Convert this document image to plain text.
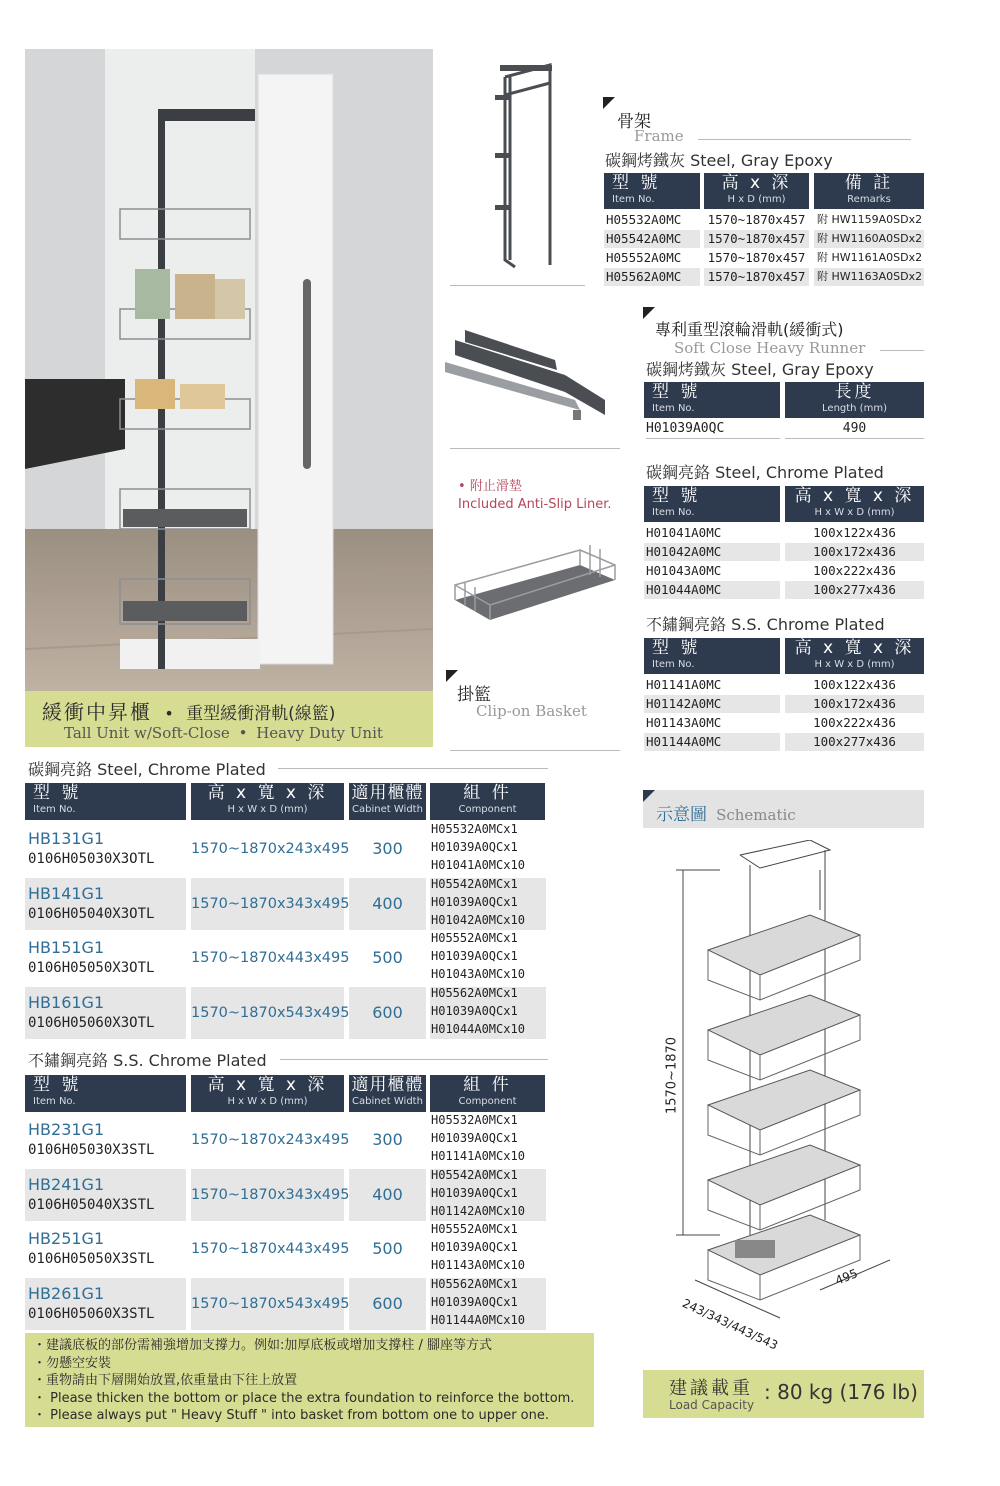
緩衝中昇櫃 • 重型緩衝滑軌(線籃)
Tall Unit w/Soft-Close • Heavy Duty Unit
骨架
Frame
碳鋼烤鐵灰 Steel, Gray Epoxy
型 號
Item No.
高 x 深
H x D (mm)
備 註
Remarks
H05532A0MC	1570~1870x457	附 HW1159A0SDx2
H05542A0MC	1570~1870x457	附 HW1160A0SDx2
H05552A0MC	1570~1870x457	附 HW1161A0SDx2
H05562A0MC	1570~1870x457	附 HW1163A0SDx2
專利重型滾輪滑軌(緩衝式)
Soft Close Heavy Runner
碳鋼烤鐵灰 Steel, Gray Epoxy
型 號
Item No.
長度
Length (mm)
H01039A0QC	490
• 附止滑墊
Included Anti-Slip Liner.
掛籃
Clip-on Basket
碳鋼亮鉻 Steel, Chrome Plated
型 號
Item No.
高 x 寬 x 深
H x W x D (mm)
H01041A0MC	100x122x436
H01042A0MC	100x172x436
H01043A0MC	100x222x436
H01044A0MC	100x277x436
不鏽鋼亮鉻 S.S. Chrome Plated
型 號
Item No.
高 x 寬 x 深
H x W x D (mm)
H01141A0MC	100x122x436
H01142A0MC	100x172x436
H01143A0MC	100x222x436
H01144A0MC	100x277x436
碳鋼亮鉻 Steel, Chrome Plated
型 號
Item No.
高 x 寬 x 深
H x W x D (mm)
適用櫃體
Cabinet Width
組 件
Component
HB131G1
0106H05030X3OTL
1570~1870x243x495	300
H05532A0MCx1
H01039A0QCx1
H01041A0MCx10
HB141G1
0106H05040X3OTL
1570~1870x343x495	400
H05542A0MCx1
H01039A0QCx1
H01042A0MCx10
HB151G1
0106H05050X3OTL
1570~1870x443x495	500
H05552A0MCx1
H01039A0QCx1
H01043A0MCx10
HB161G1
0106H05060X3OTL
1570~1870x543x495	600
H05562A0MCx1
H01039A0QCx1
H01044A0MCx10
不鏽鋼亮鉻 S.S. Chrome Plated
型 號
Item No.
高 x 寬 x 深
H x W x D (mm)
適用櫃體
Cabinet Width
組 件
Component
HB231G1
0106H05030X3STL
1570~1870x243x495	300
H05532A0MCx1
H01039A0QCx1
H01141A0MCx10
HB241G1
0106H05040X3STL
1570~1870x343x495	400
H05542A0MCx1
H01039A0QCx1
H01142A0MCx10
HB251G1
0106H05050X3STL
1570~1870x443x495	500
H05552A0MCx1
H01039A0QCx1
H01143A0MCx10
HB261G1
0106H05060X3STL
1570~1870x543x495	600
H05562A0MCx1
H01039A0QCx1
H01144A0MCx10
・建議底板的部份需補強增加支撐力。例如:加厚底板或增加支撐柱 / 腳座等方式
・勿懸空安裝
・重物請由下層開始放置,依重量由下往上放置
・ Please thicken the bottom or place the extra foundation to reinforce the bottom.
・ Please always put " Heavy Stuff " into basket from bottom one to upper one.
示意圖 Schematic
1570~1870
243/343/443/543
495
建議載重
Load Capacity
: 80 kg (176 lb)
